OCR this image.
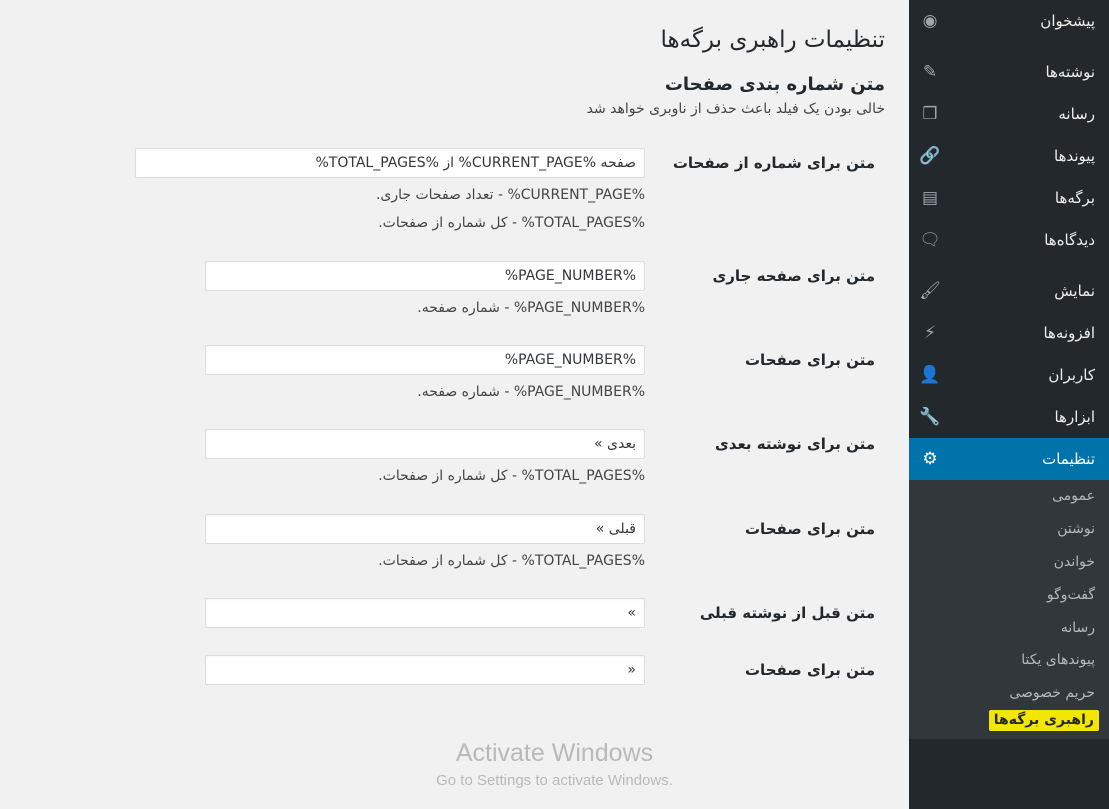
تنظیمات راهبری برگه‌ها
متن شماره بندی صفحات

خالی بودن یک فیلد باعث حذف از ناوبری خواهد شد

متن برای شماره از صفحات	
صفحه %CURRENT_PAGE% از %TOTAL_PAGES%

%CURRENT_PAGE% - تعداد صفحات جاری.

%TOTAL_PAGES% - کل شماره از صفحات.

متن برای صفحه جاری	
%PAGE_NUMBER%

%PAGE_NUMBER% - شماره صفحه.

متن برای صفحات	
%PAGE_NUMBER%

%PAGE_NUMBER% - شماره صفحه.

متن برای نوشته بعدی	
بعدی »

%TOTAL_PAGES% - کل شماره از صفحات.

متن برای صفحات	
قبلی »

%TOTAL_PAGES% - کل شماره از صفحات.

متن قبل از نوشته قبلی	
»

متن برای صفحات	
«
پیشخوان
◉
نوشته‌ها
✎
رسانه
❒
پیوندها
🔗
برگه‌ها
▤
دیدگاه‌ها
🗨
نمایش
🖌
افزونه‌ها
⚡
کاربران
👤
ابزارها
🔧
تنظیمات
⚙
عمومی
نوشتن
خواندن
گفت‌وگو
رسانه
پیوندهای یکتا
حریم خصوصی
راهبری برگه‌ها
Activate Windows
Go to Settings to activate Windows.
